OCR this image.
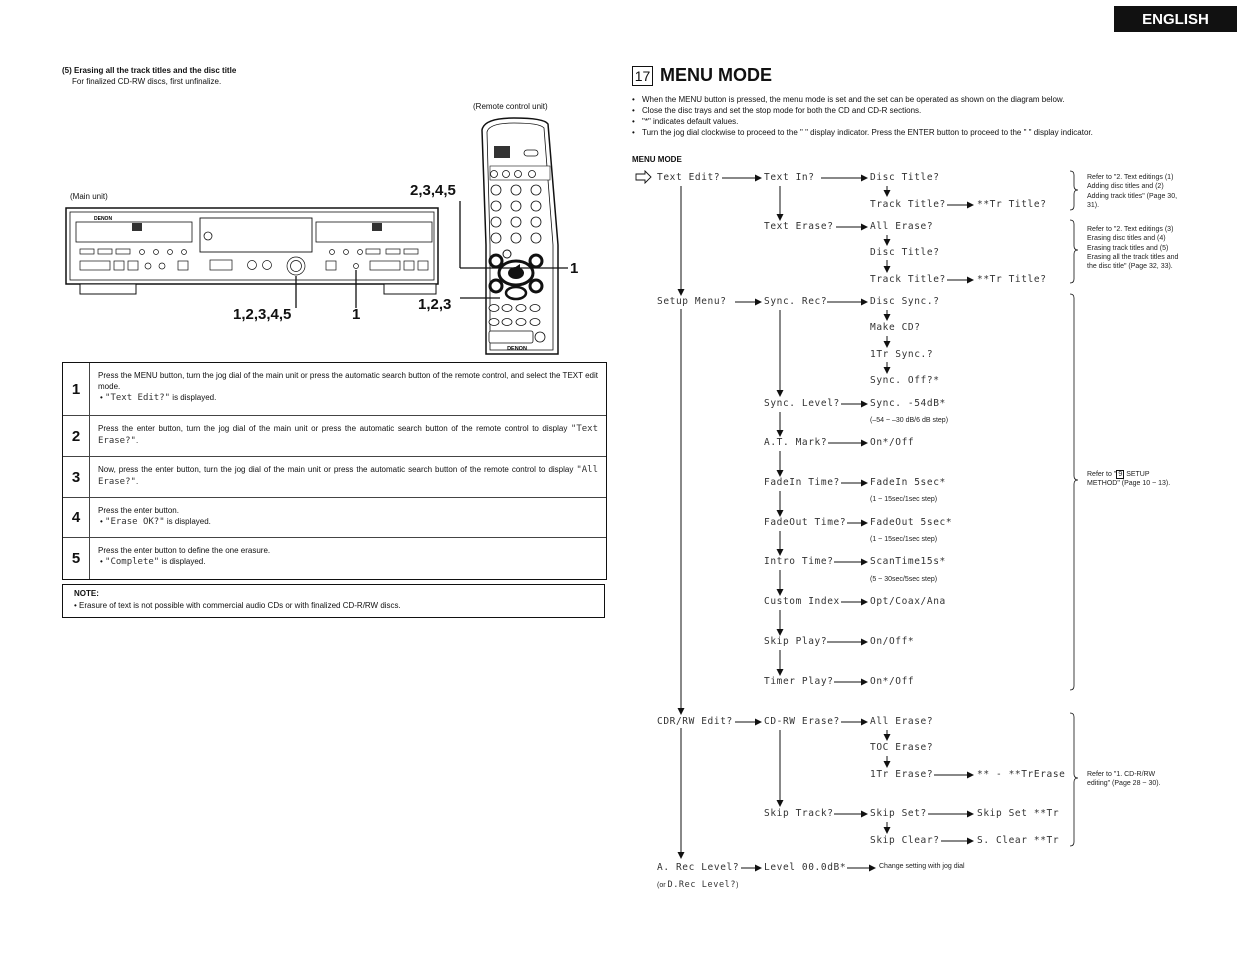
ENGLISH
(5) Erasing all the track titles and the disc title
For finalized CD-RW discs, first unfinalize.
(Remote control unit)
(Main unit)
DENON
DENON
2,3,4,5
1
1,2,3
1,2,3,4,5	1
1
Press the MENU button, turn the jog dial of the main unit or press the automatic search button of the remote control, and select the TEXT edit mode.
• "Text Edit?" is displayed.
2	Press the enter button, turn the jog dial of the main unit or press the automatic search button of the remote control to display "Text Erase?".
3	Now, press the enter button, turn the jog dial of the main unit or press the automatic search button of the remote control to display "All Erase?".
4	Press the enter button.
• "Erase OK?" is displayed.
5	Press the enter button to define the one erasure.
• "Complete" is displayed.
NOTE:
• Erasure of text is not possible with commercial audio CDs or with finalized CD-R/RW discs.
17 MENU MODE
• When the MENU button is pressed, the menu mode is set and the set can be operated as shown on the diagram below.
• Close the disc trays and set the stop mode for both the CD and CD-R sections.
• "*" indicates default values.
• Turn the jog dial clockwise to proceed to the " " display indicator. Press the ENTER button to proceed to the " " display indicator.
MENU MODE
Text Edit?	Text In?	Disc Title?
Track Title?	**Tr Title?
Text Erase?	All Erase?
Disc Title?
Track Title?	**Tr Title?
Setup Menu?	Sync. Rec?	Disc Sync.?
Make CD?
1Tr Sync.?
Sync. Off?*
Sync. Level?	Sync. -54dB*
(–54 ~ –30 dB/6 dB step)
A.T. Mark?	On*/Off
FadeIn Time?	FadeIn 5sec*
(1 ~ 15sec/1sec step)
FadeOut Time?	FadeOut 5sec*
(1 ~ 15sec/1sec step)
Intro Time?	ScanTime15s*
(5 ~ 30sec/5sec step)
Custom Index	Opt/Coax/Ana
Skip Play?	On/Off*
Timer Play?	On*/Off
CDR/RW Edit?	CD-RW Erase?	All Erase?
TOC Erase?
1Tr Erase?	** - **TrErase
Skip Track?	Skip Set?	Skip Set **Tr
Skip Clear?	S. Clear **Tr
A. Rec Level?	Level 00.0dB*	Change setting with jog dial
(or D.Rec Level?)
Refer to "2. Text editings (1) Adding disc titles and (2) Adding track titles" (Page 30, 31).
Refer to "2. Text editings (3) Erasing disc titles and (4) Erasing track titles and (5) Erasing all the track titles and the disc title" (Page 32, 33).
Refer to " 9 SETUP METHOD" (Page 10 ~ 13).
Refer to "1. CD-R/RW editing" (Page 28 ~ 30).
